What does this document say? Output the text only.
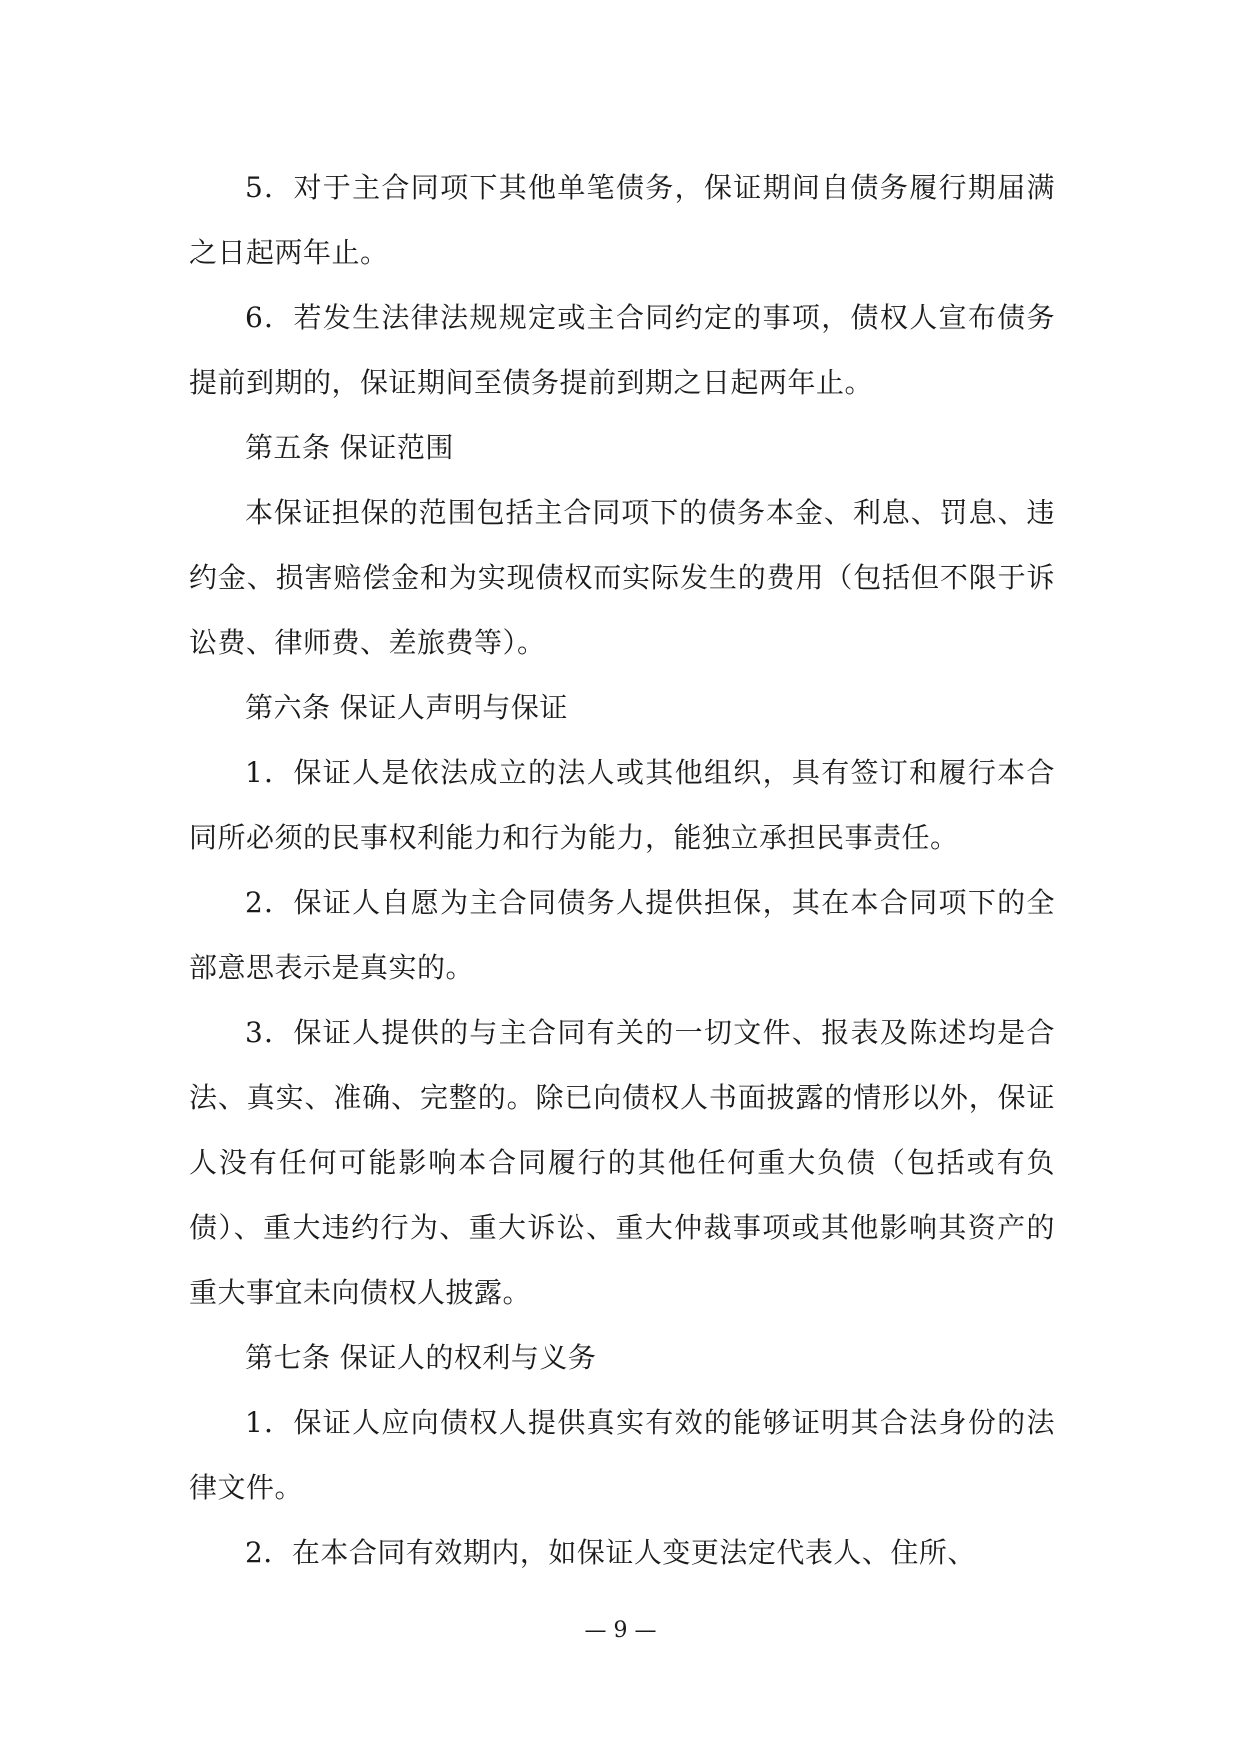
5．对于主合同项下其他单笔债务，保证期间自债务履行期届满之日起两年止。

6．若发生法律法规规定或主合同约定的事项，债权人宣布债务提前到期的，保证期间至债务提前到期之日起两年止。

第五条 保证范围

本保证担保的范围包括主合同项下的债务本金、利息、罚息、违约金、损害赔偿金和为实现债权而实际发生的费用（包括但不限于诉讼费、律师费、差旅费等）。

第六条 保证人声明与保证

1．保证人是依法成立的法人或其他组织，具有签订和履行本合同所必须的民事权利能力和行为能力，能独立承担民事责任。

2．保证人自愿为主合同债务人提供担保，其在本合同项下的全部意思表示是真实的。

3．保证人提供的与主合同有关的一切文件、报表及陈述均是合法、真实、准确、完整的。除已向债权人书面披露的情形以外，保证人没有任何可能影响本合同履行的其他任何重大负债（包括或有负债）、重大违约行为、重大诉讼、重大仲裁事项或其他影响其资产的重大事宜未向债权人披露。

第七条 保证人的权利与义务

1．保证人应向债权人提供真实有效的能够证明其合法身份的法律文件。

2．在本合同有效期内，如保证人变更法定代表人、住所、

— 9 —
